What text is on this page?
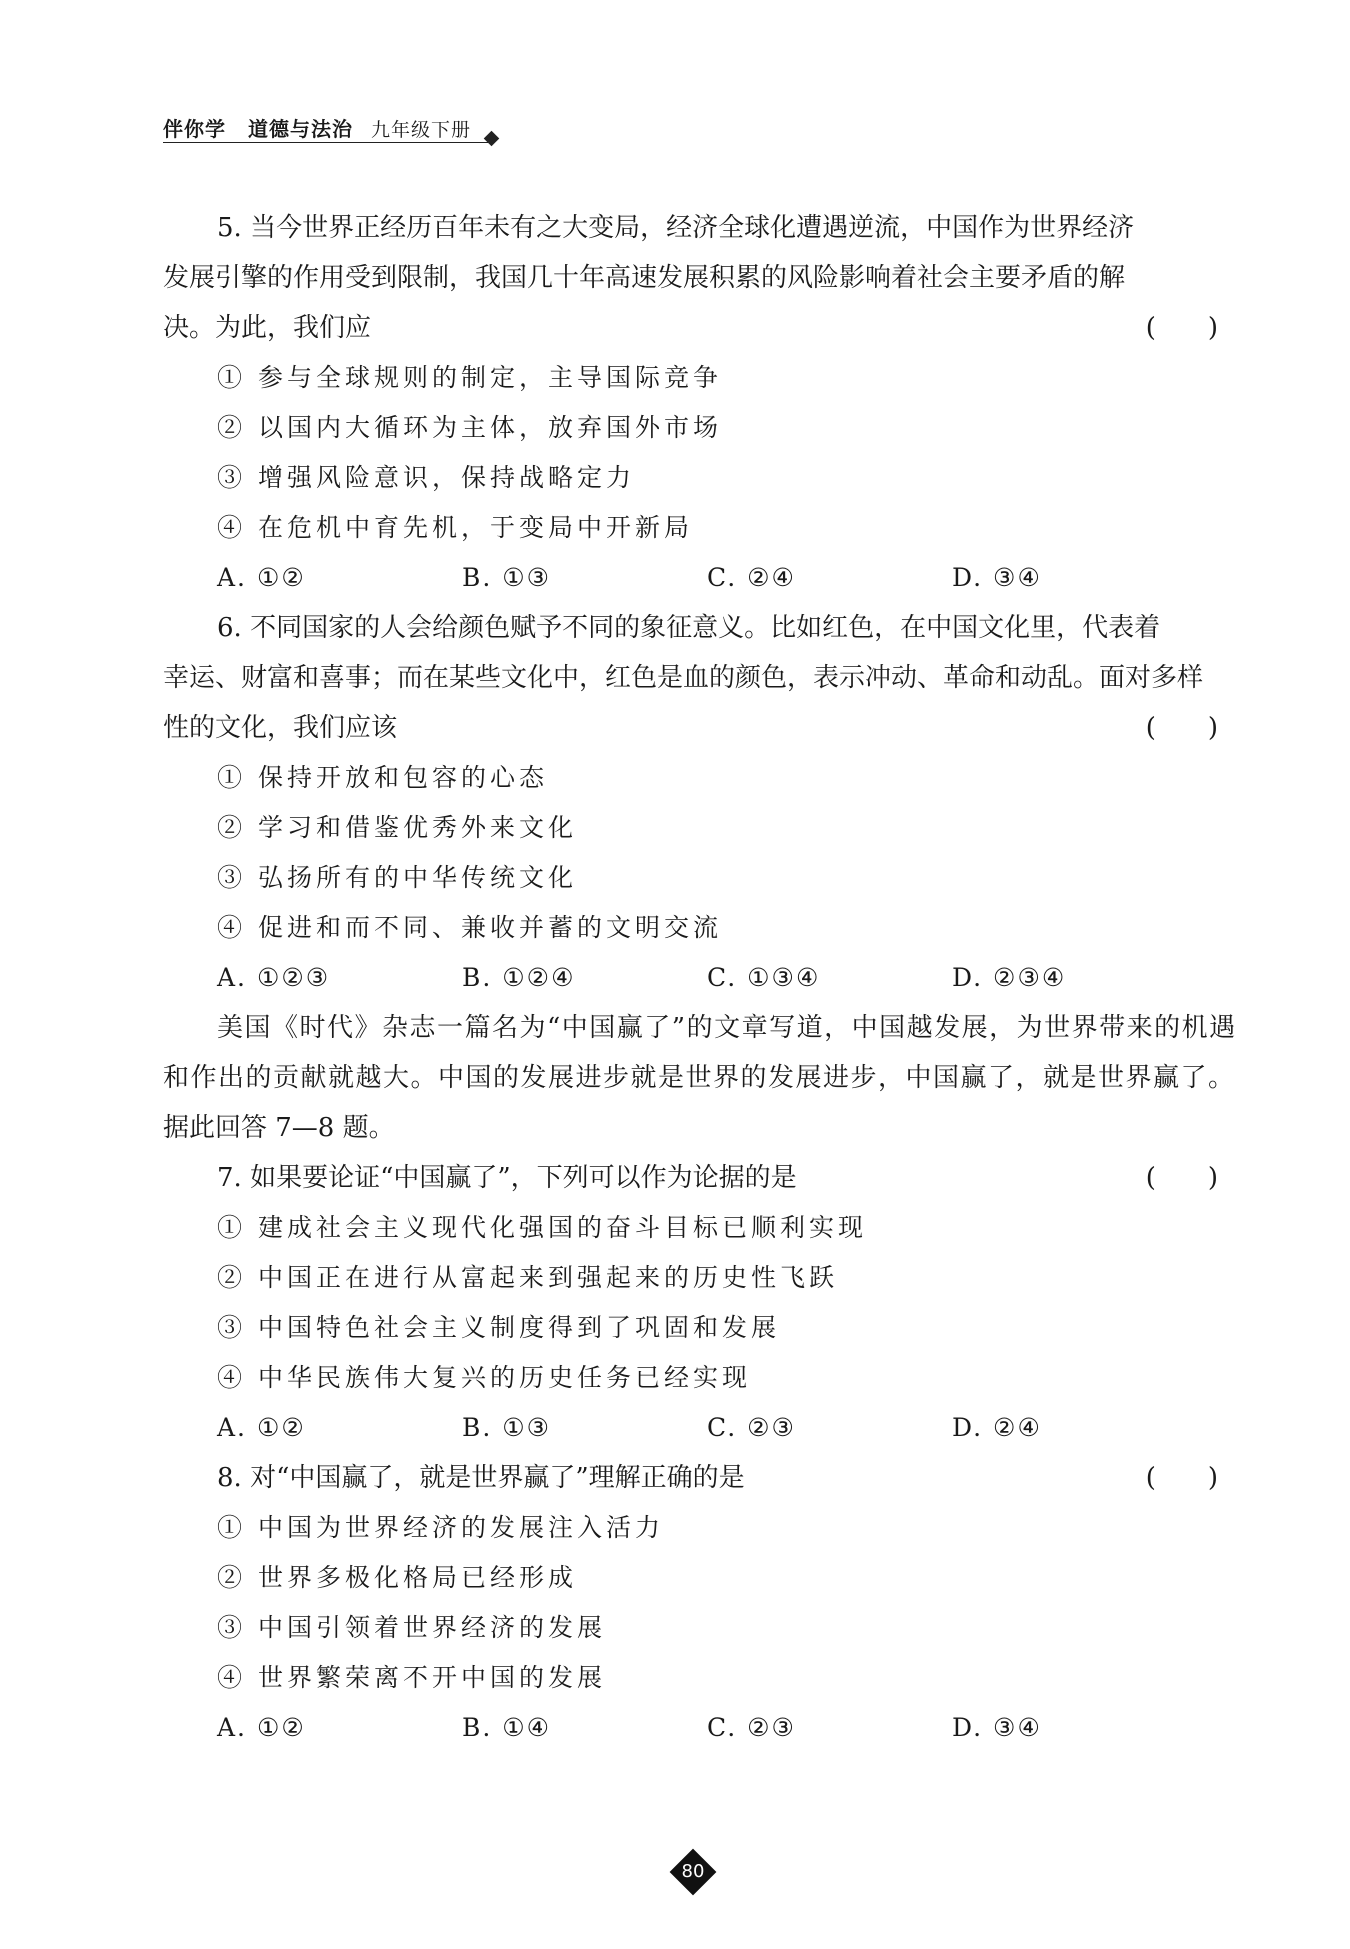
伴你学 道德与法治 九年级下册
5. 当今世界正经历百年未有之大变局，经济全球化遭遇逆流，中国作为世界经济
发展引擎的作用受到限制，我国几十年高速发展积累的风险影响着社会主要矛盾的解
决。为此，我们应	(　　)
① 参与全球规则的制定，主导国际竞争
② 以国内大循环为主体，放弃国外市场
③ 增强风险意识，保持战略定力
④ 在危机中育先机，于变局中开新局
A. ①②	B. ①③	C. ②④	D. ③④
6. 不同国家的人会给颜色赋予不同的象征意义。比如红色，在中国文化里，代表着
幸运、财富和喜事；而在某些文化中，红色是血的颜色，表示冲动、革命和动乱。面对多样
性的文化，我们应该	(　　)
① 保持开放和包容的心态
② 学习和借鉴优秀外来文化
③ 弘扬所有的中华传统文化
④ 促进和而不同、兼收并蓄的文明交流
A. ①②③	B. ①②④	C. ①③④	D. ②③④
美国《时代》杂志一篇名为“中国赢了”的文章写道，中国越发展，为世界带来的机遇
和作出的贡献就越大。中国的发展进步就是世界的发展进步，中国赢了，就是世界赢了。
据此回答 7—8 题。
7. 如果要论证“中国赢了”，下列可以作为论据的是	(　　)
① 建成社会主义现代化强国的奋斗目标已顺利实现
② 中国正在进行从富起来到强起来的历史性飞跃
③ 中国特色社会主义制度得到了巩固和发展
④ 中华民族伟大复兴的历史任务已经实现
A. ①②	B. ①③	C. ②③	D. ②④
8. 对“中国赢了，就是世界赢了”理解正确的是	(　　)
① 中国为世界经济的发展注入活力
② 世界多极化格局已经形成
③ 中国引领着世界经济的发展
④ 世界繁荣离不开中国的发展
A. ①②	B. ①④	C. ②③	D. ③④
80
